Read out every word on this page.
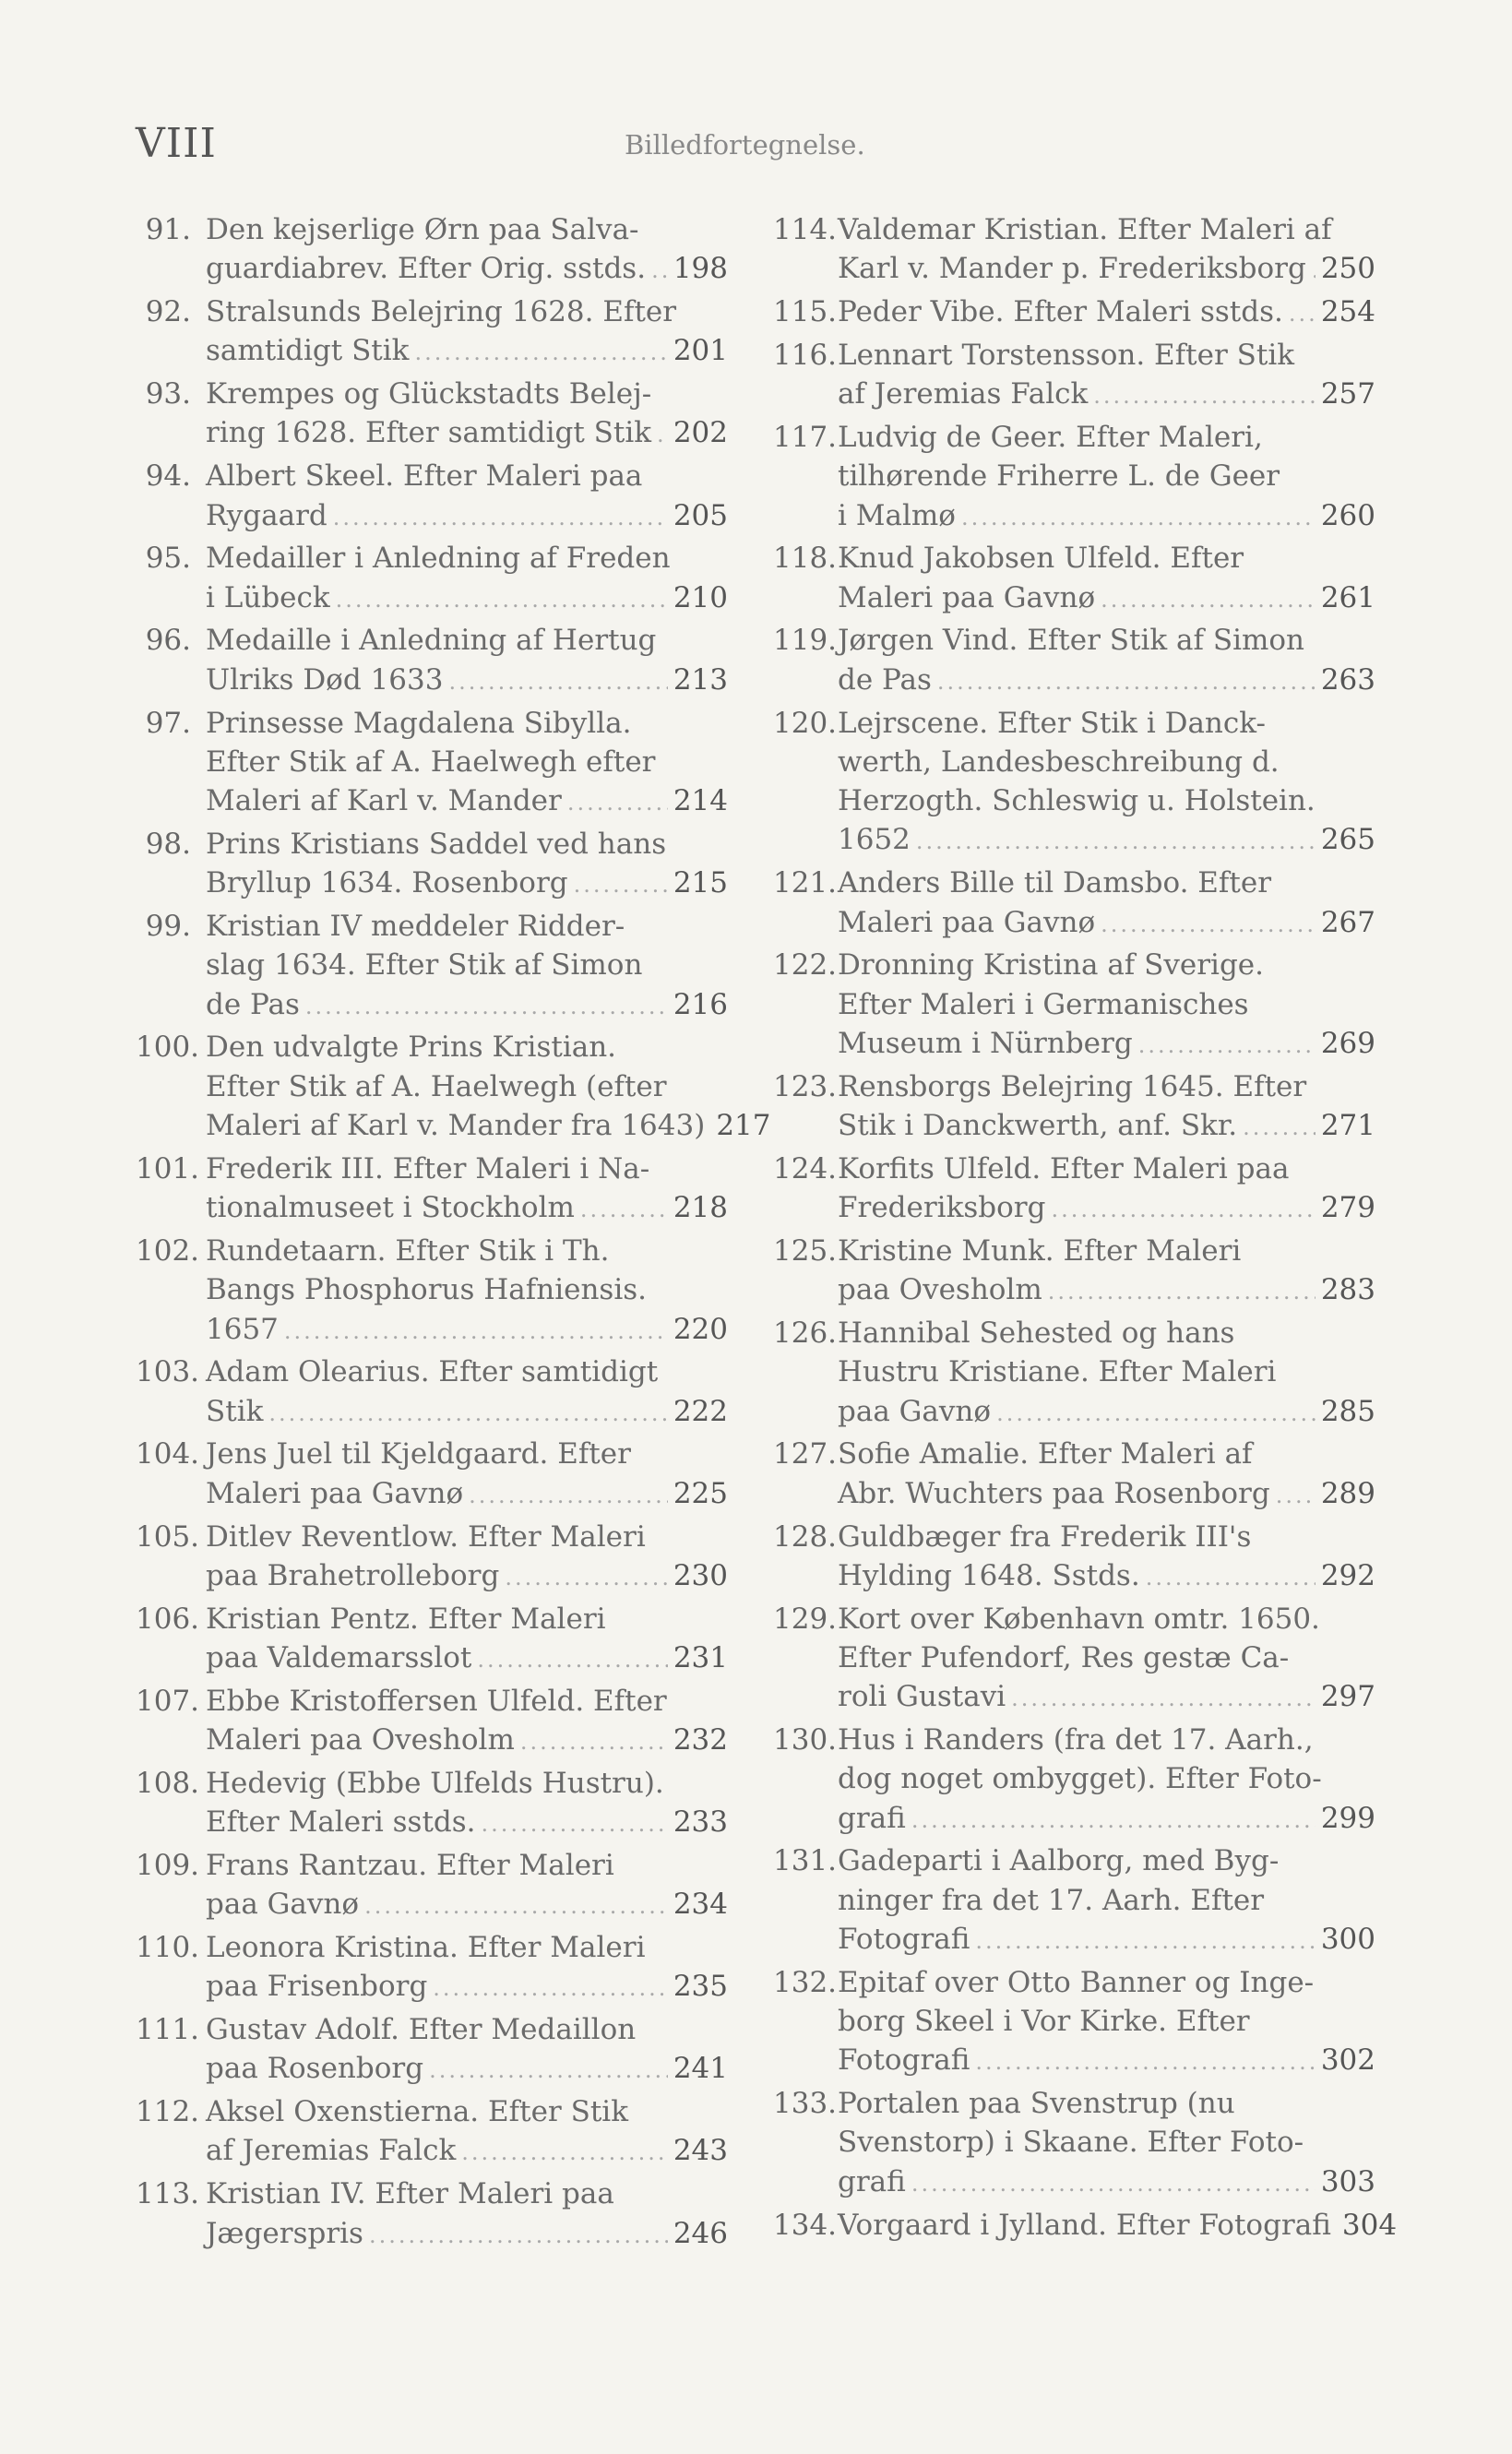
VIII	Billedfortegnelse.
91. Den kejserlige Ørn paa Salva-
guardiabrev. Efter Orig. sstds. ..... 198
92. Stralsunds Belejring 1628. Efter
samtidigt Stik .....	201
93. Krempes og Glückstadts Belej-
ring 1628. Efter samtidigt Stik ..... 202
94. Albert Skeel. Efter Maleri paa
Rygaard .....	205
95. Medailler i Anledning af Freden
i Lübeck .....	210
96. Medaille i Anledning af Hertug
Ulriks Død 1633 .....	213
97. Prinsesse Magdalena Sibylla.
Efter Stik af A. Haelwegh efter
Maleri af Karl v. Mander .....	214
98. Prins Kristians Saddel ved hans
Bryllup 1634. Rosenborg .....	215
99. Kristian IV meddeler Ridder-
slag 1634. Efter Stik af Simon
de Pas .....	216
100. Den udvalgte Prins Kristian.
Efter Stik af A. Haelwegh (efter
Maleri af Karl v. Mander fra 1643) 217
101. Frederik III. Efter Maleri i Na-
tionalmuseet i Stockholm .....	218
102. Rundetaarn. Efter Stik i Th.
Bangs Phosphorus Hafniensis.
1657 .....	220
103. Adam Olearius. Efter samtidigt
Stik .....	222
104. Jens Juel til Kjeldgaard. Efter
Maleri paa Gavnø .....	225
105. Ditlev Reventlow. Efter Maleri
paa Brahetrolleborg .....	230
106. Kristian Pentz. Efter Maleri
paa Valdemarsslot .....	231
107. Ebbe Kristoffersen Ulfeld. Efter
Maleri paa Ovesholm .....	232
108. Hedevig (Ebbe Ulfelds Hustru).
Efter Maleri sstds. .....	233
109. Frans Rantzau. Efter Maleri
paa Gavnø .....	234
110. Leonora Kristina. Efter Maleri
paa Frisenborg .....	235
111. Gustav Adolf. Efter Medaillon
paa Rosenborg .....	241
112. Aksel Oxenstierna. Efter Stik
af Jeremias Falck .....	243
113. Kristian IV. Efter Maleri paa
Jægerspris .....	246
114. Valdemar Kristian. Efter Maleri af
Karl v. Mander p. Frederiksborg ..... 250
115. Peder Vibe. Efter Maleri sstds. ..... 254
116. Lennart Torstensson. Efter Stik
af Jeremias Falck .....	257
117. Ludvig de Geer. Efter Maleri,
tilhørende Friherre L. de Geer
i Malmø .....	260
118. Knud Jakobsen Ulfeld. Efter
Maleri paa Gavnø .....	261
119. Jørgen Vind. Efter Stik af Simon
de Pas .....	263
120. Lejrscene. Efter Stik i Danck-
werth, Landesbeschreibung d.
Herzogth. Schleswig u. Holstein.
1652 .....	265
121. Anders Bille til Damsbo. Efter
Maleri paa Gavnø .....	267
122. Dronning Kristina af Sverige.
Efter Maleri i Germanisches
Museum i Nürnberg .....	269
123. Rensborgs Belejring 1645. Efter
Stik i Danckwerth, anf. Skr. .....	271
124. Korfits Ulfeld. Efter Maleri paa
Frederiksborg .....	279
125. Kristine Munk. Efter Maleri
paa Ovesholm .....	283
126. Hannibal Sehested og hans
Hustru Kristiane. Efter Maleri
paa Gavnø .....	285
127. Sofie Amalie. Efter Maleri af
Abr. Wuchters paa Rosenborg ..... 289
128. Guldbæger fra Frederik III's
Hylding 1648. Sstds. .....	292
129. Kort over København omtr. 1650.
Efter Pufendorf, Res gestæ Ca-
roli Gustavi .....	297
130. Hus i Randers (fra det 17. Aarh.,
dog noget ombygget). Efter Foto-
grafi .....	299
131. Gadeparti i Aalborg, med Byg-
ninger fra det 17. Aarh. Efter
Fotografi .....	300
132. Epitaf over Otto Banner og Inge-
borg Skeel i Vor Kirke. Efter
Fotografi .....	302
133. Portalen paa Svenstrup (nu
Svenstorp) i Skaane. Efter Foto-
grafi .....	303
134. Vorgaard i Jylland. Efter Fotografi 304
